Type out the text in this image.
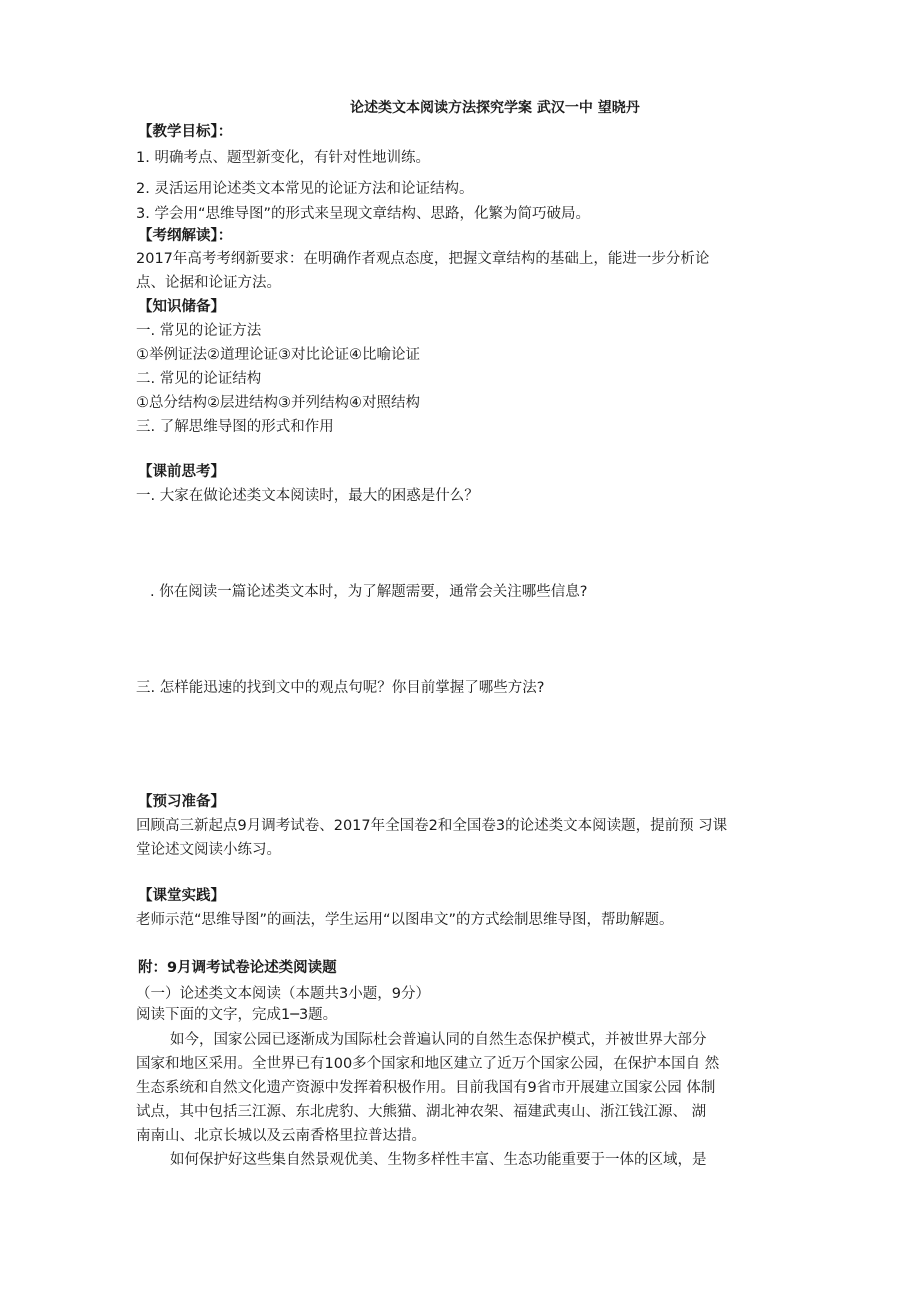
论述类文本阅读方法探究学案 武汉一中 望晓丹
【教学目标】：
1. 明确考点、题型新变化，有针对性地训练。
2. 灵活运用论述类文本常见的论证方法和论证结构。
3. 学会用“思维导图”的形式来呈现文章结构、思路，化繁为简巧破局。
【考纲解读】：
2017年高考考纲新要求：在明确作者观点态度，把握文章结构的基础上，能进一步分析论
点、论据和论证方法。
【知识储备】
一. 常见的论证方法
①举例证法②道理论证③对比论证④比喻论证
二. 常见的论证结构
①总分结构②层进结构③并列结构④对照结构
三. 了解思维导图的形式和作用
【课前思考】
一. 大家在做论述类文本阅读时，最大的困惑是什么？
. 你在阅读一篇论述类文本时，为了解题需要，通常会关注哪些信息?
三. 怎样能迅速的找到文中的观点句呢？你目前掌握了哪些方法?
【预习准备】
回顾高三新起点9月调考试卷、2017年全国卷2和全国卷3的论述类文本阅读题，提前预 习课
堂论述文阅读小练习。
【课堂实践】
老师示范“思维导图”的画法，学生运用“以图串文”的方式绘制思维导图，帮助解题。
附：9月调考试卷论述类阅读题
（一）论述类文本阅读（本题共3小题，9分）
阅读下面的文字，完成1─3题。
如今，国家公园已逐渐成为国际杜会普遍认同的自然生态保护模式，并被世界大部分
国家和地区采用。全世界已有100多个国家和地区建立了近万个国家公园，在保护本国自 然
生态系统和自然文化遗产资源中发挥着积极作用。目前我国有9省市开展建立国家公园 体制
试点，其中包括三江源、东北虎豹、大熊猫、湖北神农架、福建武夷山、浙江钱江源、 湖
南南山、北京长城以及云南香格里拉普达措。
如何保护好这些集自然景观优美、生物多样性丰富、生态功能重要于一体的区域，是
